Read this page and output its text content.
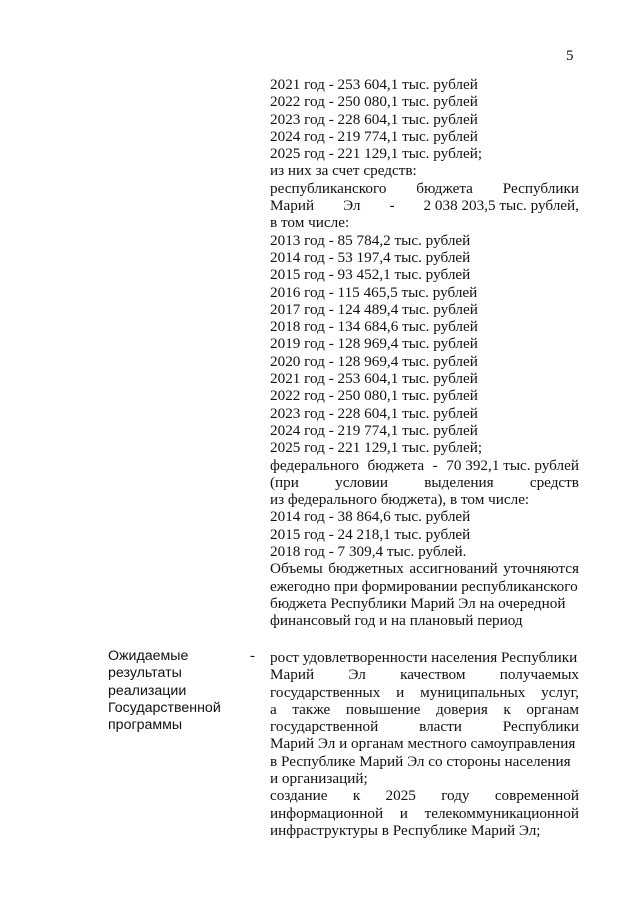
5
2021 год - 253 604,1 тыс. рублей
2022 год - 250 080,1 тыс. рублей
2023 год - 228 604,1 тыс. рублей
2024 год - 219 774,1 тыс. рублей
2025 год - 221 129,1 тыс. рублей;
из них за счет средств:
республиканского бюджета Республики
Марий Эл - 2 038 203,5 тыс. рублей,
в том числе:
2013 год - 85 784,2 тыс. рублей
2014 год - 53 197,4 тыс. рублей
2015 год - 93 452,1 тыс. рублей
2016 год - 115 465,5 тыс. рублей
2017 год - 124 489,4 тыс. рублей
2018 год - 134 684,6 тыс. рублей
2019 год - 128 969,4 тыс. рублей
2020 год - 128 969,4 тыс. рублей
2021 год - 253 604,1 тыс. рублей
2022 год - 250 080,1 тыс. рублей
2023 год - 228 604,1 тыс. рублей
2024 год - 219 774,1 тыс. рублей
2025 год - 221 129,1 тыс. рублей;
федерального бюджета - 70 392,1 тыс. рублей
(при условии выделения средств
из федерального бюджета), в том числе:
2014 год - 38 864,6 тыс. рублей
2015 год - 24 218,1 тыс. рублей
2018 год - 7 309,4 тыс. рублей.
Объемы бюджетных ассигнований уточняются
ежегодно при формировании республиканского
бюджета Республики Марий Эл на очередной
финансовый год и на плановый период
Ожидаемые
результаты
реализации
Государственной
программы
- рост удовлетворенности населения Республики
Марий Эл качеством получаемых
государственных и муниципальных услуг,
а также повышение доверия к органам
государственной	власти	Республики
Марий Эл и органам местного самоуправления
в Республике Марий Эл со стороны населения
и организаций;
создание к 2025 году современной
информационной и телекоммуникационной
инфраструктуры в Республике Марий Эл;
